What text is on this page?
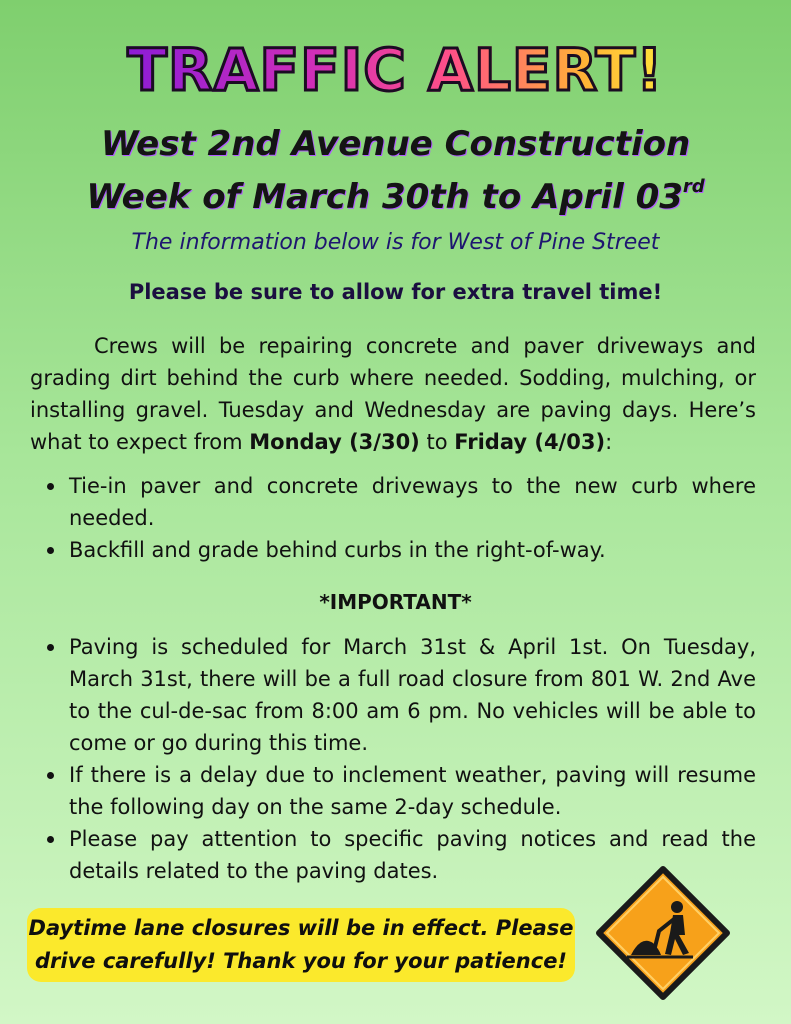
TRAFFIC ALERT!
West 2nd Avenue Construction
Week of March 30th to April 03rd
The information below is for West of Pine Street
Please be sure to allow for extra travel time!
Crews will be repairing concrete and paver driveways and grading dirt behind the curb where needed. Sodding, mulching, or installing gravel. Tuesday and Wednesday are paving days. Here’s what to expect from Monday (3/30) to Friday (4/03):
Tie-in paver and concrete driveways to the new curb where needed.
Backfill and grade behind curbs in the right-of-way.
*IMPORTANT*
Paving is scheduled for March 31st & April 1st. On Tuesday, March 31st, there will be a full road closure from 801 W. 2nd Ave to the cul-de-sac from 8:00 am 6 pm. No vehicles will be able to come or go during this time.
If there is a delay due to inclement weather, paving will resume the following day on the same 2-day schedule.
Please pay attention to specific paving notices and read the details related to the paving dates.
Daytime lane closures will be in effect. Please
drive carefully! Thank you for your patience!
